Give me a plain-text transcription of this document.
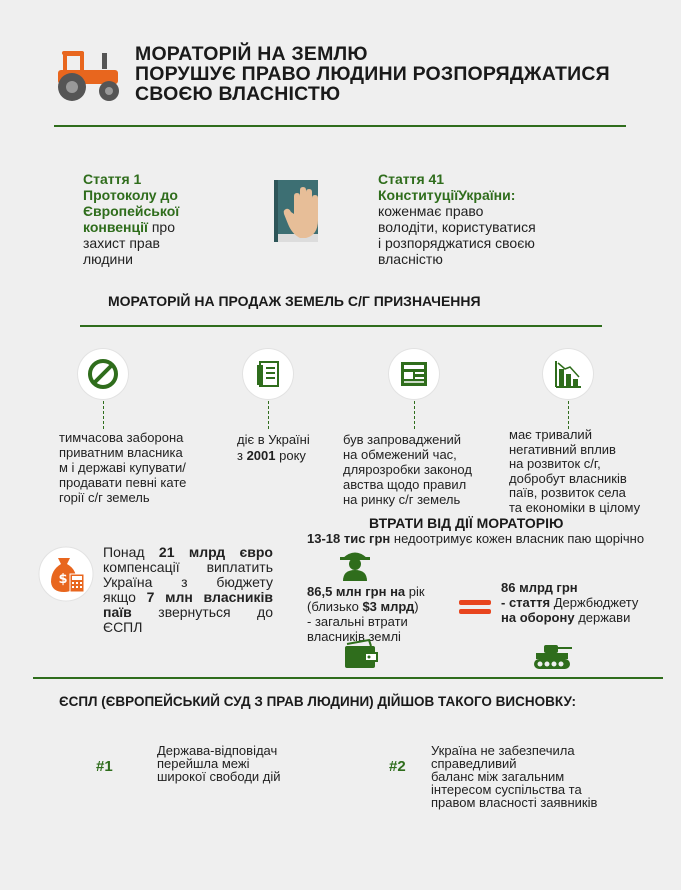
МОРАТОРІЙ НА ЗЕМЛЮ
ПОРУШУЄ ПРАВО ЛЮДИНИ РОЗПОРЯДЖАТИСЯ
СВОЄЮ ВЛАСНІСТЮ
Стаття 1
Протоколу до
Європейської
конвенції про
захист прав
людини
Стаття 41
КонституціїУкраїни:
коженмає право
володіти, користуватися
і розпоряджатися своєю
власністю
МОРАТОРІЙ НА ПРОДАЖ ЗЕМЕЛЬ С/Г ПРИЗНАЧЕННЯ
тимчасова заборона
приватним власника
м і державі купувати/
продавати певні кате
горії с/г земель
діє в Україні
з 2001 року
був запроваджений
на обмежений час,
длярозробки законод
авства щодо правил
на ринку с/г земель
має тривалий
негативний вплив
на розвиток с/г,
добробут власників
паїв, розвиток села
та економіки в цілому
$
Понад 21 млрд євро
компенсації виплатить
Україна з бюджету
якщо 7 млн власників
паїв звернуться до
ЄСПЛ
ВТРАТИ ВІД ДІЇ МОРАТОРІЮ
13-18 тис грн недоотримує кожен власник паю щорічно
86,5 млн грн на рік
(близько $3 млрд)
- загальні втрати
власників землі
86 млрд грн
- стаття Держбюджету
на оборону держави
ЄСПЛ (ЄВРОПЕЙСЬКИЙ СУД З ПРАВ ЛЮДИНИ) ДІЙШОВ ТАКОГО ВИСНОВКУ:
#1
Держава-відповідач
перейшла межі
широкої свободи дій
#2
Україна не забезпечила
справедливий
баланс між загальним
інтересом суспільства та
правом власності заявників
